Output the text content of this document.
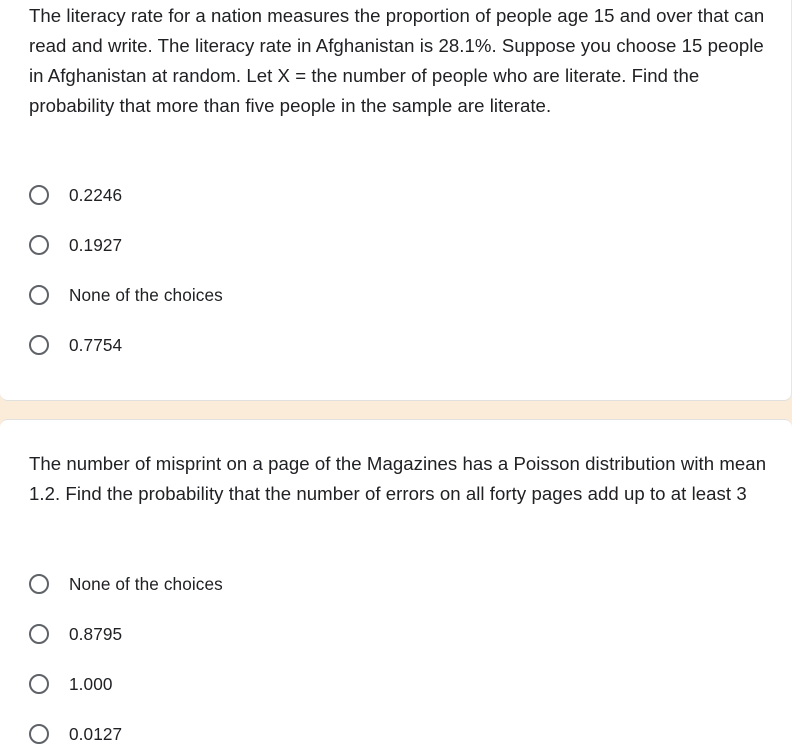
The literacy rate for a nation measures the proportion of people age 15 and over that can read and write. The literacy rate in Afghanistan is 28.1%. Suppose you choose 15 people in Afghanistan at random. Let X = the number of people who are literate. Find the probability that more than five people in the sample are literate.

0.2246
0.1927
None of the choices
0.7754

The number of misprint on a page of the Magazines has a Poisson distribution with mean 1.2. Find the probability that the number of errors on all forty pages add up to at least 3

None of the choices
0.8795
1.000
0.0127
